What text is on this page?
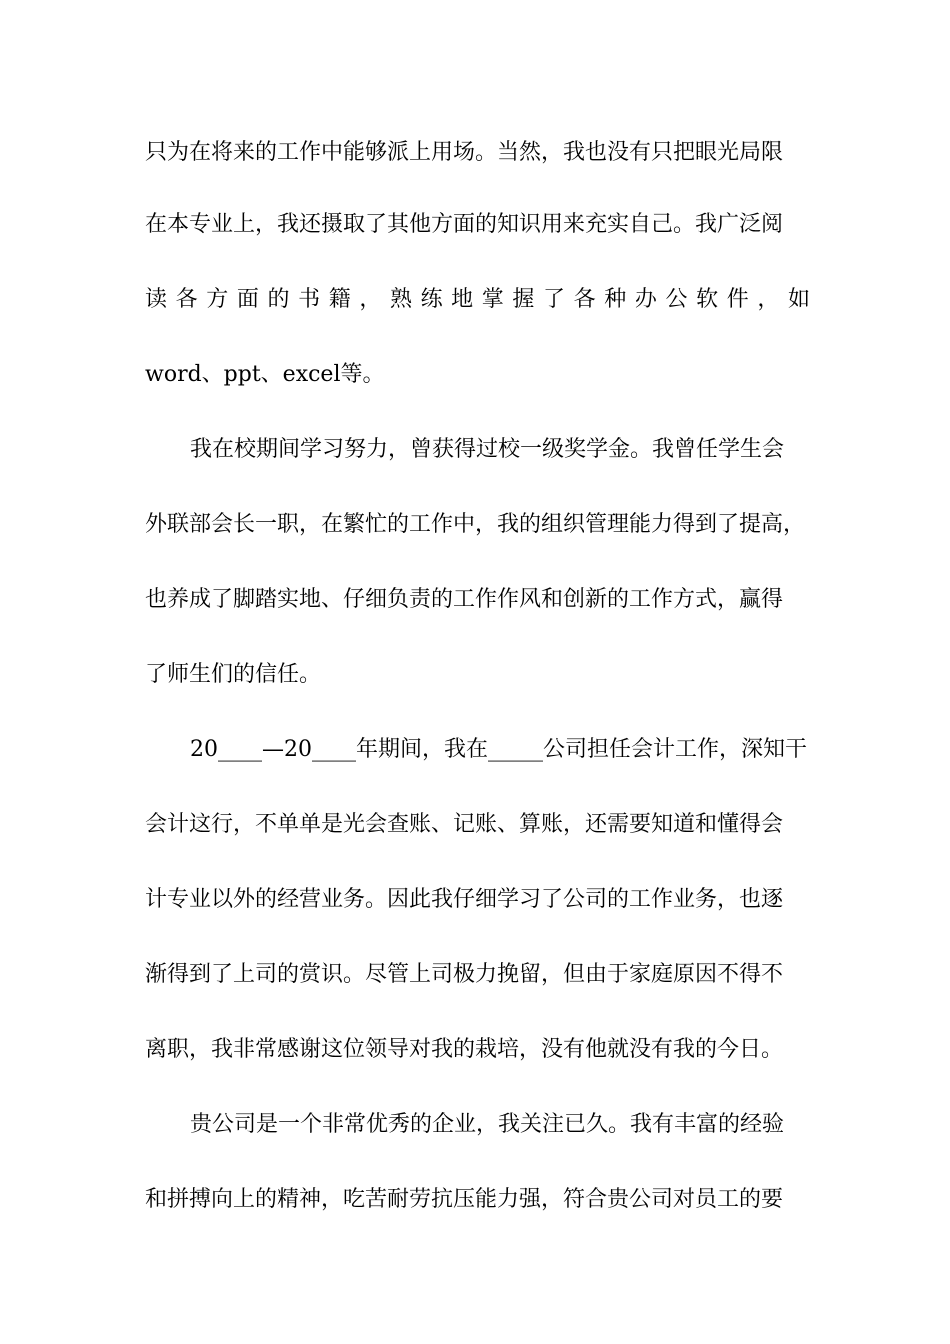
只为在将来的工作中能够派上用场。当然，我也没有只把眼光局限
在本专业上，我还摄取了其他方面的知识用来充实自己。我广泛阅
读各方面的书籍，熟练地掌握了各种办公软件，如
word、ppt、excel等。
我在校期间学习努力，曾获得过校一级奖学金。我曾任学生会
外联部会长一职，在繁忙的工作中，我的组织管理能力得到了提高，
也养成了脚踏实地、仔细负责的工作作风和创新的工作方式，赢得
了师生们的信任。
20____—20____年期间，我在_____公司担任会计工作，深知干
会计这行，不单单是光会查账、记账、算账，还需要知道和懂得会
计专业以外的经营业务。因此我仔细学习了公司的工作业务，也逐
渐得到了上司的赏识。尽管上司极力挽留，但由于家庭原因不得不
离职，我非常感谢这位领导对我的栽培，没有他就没有我的今日。
贵公司是一个非常优秀的企业，我关注已久。我有丰富的经验
和拼搏向上的精神，吃苦耐劳抗压能力强，符合贵公司对员工的要
